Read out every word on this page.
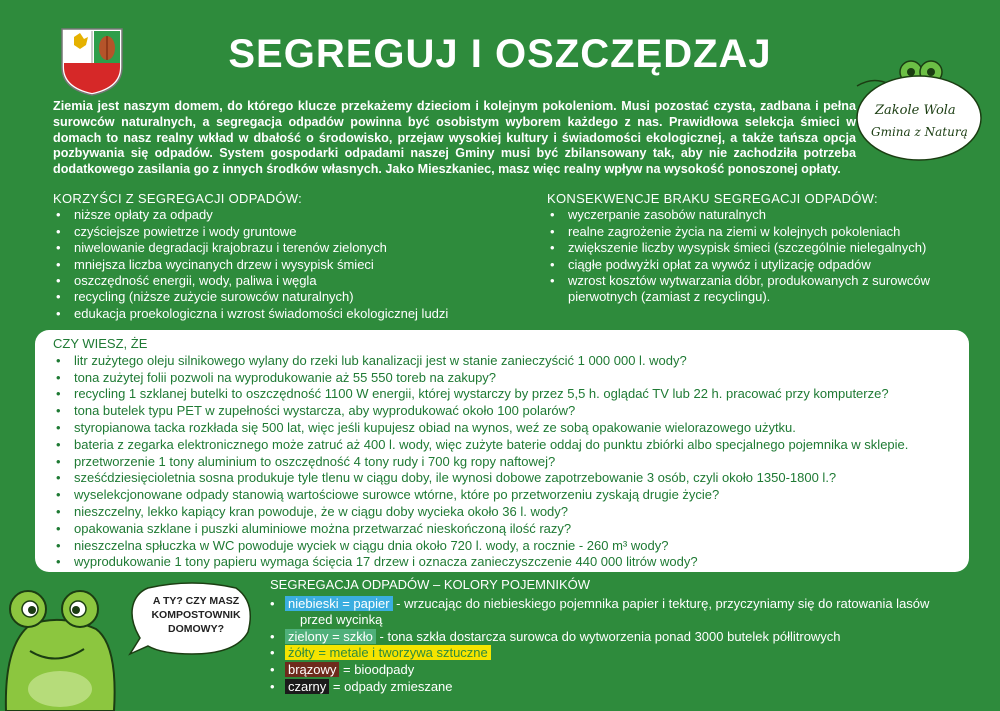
SEGREGUJ I OSZCZĘDZAJ
Zakole Wola
Gmina z Naturą
Ziemia jest naszym domem, do którego klucze przekażemy dzieciom i kolejnym pokoleniom. Musi pozostać czysta, zadbana i pełna surowców naturalnych, a segregacja odpadów powinna być osobistym wyborem każdego z nas. Prawidłowa selekcja śmieci w domach to nasz realny wkład w dbałość o środowisko, przejaw wysokiej kultury i świadomości ekologicznej, a także tańsza opcja pozbywania się odpadów. System gospodarki odpadami naszej Gminy musi być zbilansowany tak, aby nie zachodziła potrzeba dodatkowego zasilania go z innych środków własnych. Jako Mieszkaniec, masz więc realny wpływ na wysokość ponoszonej opłaty.
KORZYŚCI Z SEGREGACJI ODPADÓW:
• niższe opłaty za odpady
• czyściejsze powietrze i wody gruntowe
• niwelowanie degradacji krajobrazu i terenów zielonych
• mniejsza liczba wycinanych drzew i wysypisk śmieci
• oszczędność energii, wody, paliwa i węgla
• recycling (niższe zużycie surowców naturalnych)
• edukacja proekologiczna i wzrost świadomości ekologicznej ludzi
KONSEKWENCJE BRAKU SEGREGACJI ODPADÓW:
• wyczerpanie zasobów naturalnych
• realne zagrożenie życia na ziemi w kolejnych pokoleniach
• zwiększenie liczby wysypisk śmieci (szczególnie nielegalnych)
• ciągłe podwyżki opłat za wywóz i utylizację odpadów
• wzrost kosztów wytwarzania dóbr, produkowanych z surowców pierwotnych (zamiast z recyclingu).
CZY WIESZ, ŻE
• litr zużytego oleju silnikowego wylany do rzeki lub kanalizacji jest w stanie zanieczyścić 1 000 000 l. wody?
• tona zużytej folii pozwoli na wyprodukowanie aż 55 550 toreb na zakupy?
• recycling 1 szklanej butelki to oszczędność 1100 W energii, której wystarczy by przez 5,5 h. oglądać TV lub 22 h. pracować przy komputerze?
• tona butelek typu PET w zupełności wystarcza, aby wyprodukować około 100 polarów?
• styropianowa tacka rozkłada się 500 lat, więc jeśli kupujesz obiad na wynos, weź ze sobą opakowanie wielorazowego użytku.
• bateria z zegarka elektronicznego może zatruć aż 400 l. wody, więc zużyte baterie oddaj do punktu zbiórki albo specjalnego pojemnika w sklepie.
• przetworzenie 1 tony aluminium to oszczędność 4 tony rudy i 700 kg ropy naftowej?
• sześćdziesięcioletnia sosna produkuje tyle tlenu w ciągu doby, ile wynosi dobowe zapotrzebowanie 3 osób, czyli około 1350-1800 l.?
• wyselekcjonowane odpady stanowią wartościowe surowce wtórne, które po przetworzeniu zyskają drugie życie?
• nieszczelny, lekko kapiący kran powoduje, że w ciągu doby wycieka około 36 l. wody?
• opakowania szklane i puszki aluminiowe można przetwarzać nieskończoną ilość razy?
• nieszczelna spłuczka w WC powoduje wyciek w ciągu dnia około 720 l. wody, a rocznie - 260 m³ wody?
• wyprodukowanie 1 tony papieru wymaga ścięcia 17 drzew i oznacza zanieczyszczenie 440 000 litrów wody?
A TY? CZY MASZ
KOMPOSTOWNIK
DOMOWY?
SEGREGACJA ODPADÓW – KOLORY POJEMNIKÓW
• niebieski = papier - wrzucając do niebieskiego pojemnika papier i tekturę, przyczyniamy się do ratowania lasów
przed wycinką
• zielony = szkło - tona szkła dostarcza surowca do wytworzenia ponad 3000 butelek półlitrowych
• żółty = metale i tworzywa sztuczne
• brązowy = bioodpady
• czarny = odpady zmieszane
